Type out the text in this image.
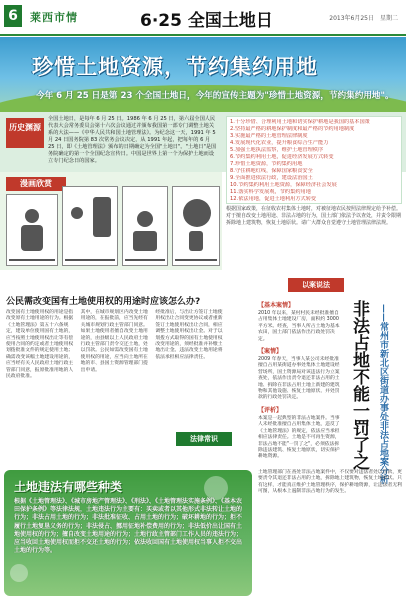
6	莱西市情	6·25 全国土地日	2013年6月25日　星期二
珍惜土地资源，节约集约用地
今年 6 月 25 日是第 23 个全国土地日，今年的宣传主题为"珍惜土地资源，节约集约用地"。
历史渊源
全国土地日，是每年 6 月 25 日。1986 年 6 月 25 日，第六届全国人民代表大会常务委员会第十六次会议通过并颁布我国第一部专门调整土地关系的大法——《中华人民共和国土地管理法》。为纪念这一天，1991 年 5 月 24 日国务院第 83 次常务会议决定，从 1991 年起，把每年的 6 月 25 日，即《土地管理法》颁布的日期确定为全国"土地日"。"土地日"是国务院确定的第一个全国纪念宣传日。中国是世界上第一个为保护土地而设立专门纪念日的国家。
1.十分珍惜、合理利用土地和切实保护耕地是我国的基本国策
2.坚持最严格的耕地保护制度和最严格的节约用地制度
3.实施最严格的土地管理法律制度
4.发展现代化农业，提升粮食综合生产能力
5.加强土地执法监察，维护土地管理秩序
6.节约集约利用土地，促进经济发展方式转变
7.珍惜土地资源，节约集约用地
8.守住耕地红线，保障国家粮食安全
9.全面推进依法行政，建设法治国土
10.节约集约利用土地资源，保障经济社会发展
11.落实科学发展观，节约集约用地
12.依法用地，促进土地利用方式转变
漫画欣赏
根据国家政策，在征收农村集体土地时，对被征地农民按照法律规定给予补偿。对于擅自改变土地用途、非法占地的行为，国土部门依法予以查处，并责令限期拆除地上建筑物，恢复土地原状。请广大群众自觉遵守土地管理法律法规。
以案说法
公民需改变国有土地使用权的用途时应该怎么办?
改变国有土地使用权的用途是指改变原有土地用途的行为。根据《土地管理法》第五十六条规定，建设单位使用国有土地的，应当按照土地使用权出让等有偿使用合同的约定或者土地使用权划拨批准文件的规定使用土地；确需改变该幅土地建设用途的，应当经有关人民政府土地行政主管部门同意，报原批准用地的人民政府批准。
其中，在城市规划区内改变土地用途的，在报批前，应当先经有关城市规划行政主管部门同意。如果土地使用者擅自改变土地用途的，由县级以上人民政府土地行政主管部门责令交还土地，处以罚款。公民如需改变国有土地使用权的用途，应当向土地所在地的市、县国土资源管理部门提出申请。
经批准后，与出让方签订土地使用权出让合同变更协议或者重新签订土地使用权出让合同，相应调整土地使用权出让金。对于以划拨方式取得的国有土地使用权改变用途的，须经批准并补缴土地出让金。违法改变土地用途将依法承担相应法律责任。
法律常识
【基本案情】
2010 年以来，某村村民未经批准擅自占用集体土地建设厂房，面积约 3000 平方米。经查，当事人所占土地为基本农田，国土部门依法作出行政处罚决定。
【案情】
2009 年春天，当事人某公司未经批准擅自占用某街道办事处集体土地建设经营场所，国土资源局对该违法行为立案查处，依法作出责令退还非法占用的土地、拆除在非法占用土地上新建的建筑物和其他设施、恢复土地原状、并处罚款的行政处罚决定。
【评析】
本案是一起典型的非法占地案件。当事人未经批准擅自占用集体土地，违反了《土地管理法》的规定，依法应当承担相应法律责任。土地是不可再生资源，非法占地不能"一罚了之"，必须依法拆除违法建筑、恢复土地原状，切实保护耕地资源。	非法占地不能一罚了之 ——常州市新北区街道办事处非法占地案分析
土地管理部门在查处非法占地案件中，不仅要对违法者处以罚款，更要责令其退还非法占用的土地，拆除地上建筑物，恢复土地原状。只有这样，才能真正维护土地管理秩序，保护耕地资源，让违法者无利可图，从根本上遏制非法占地行为的发生。
土地违法有哪些种类
根据《土地管理法》、《城市房地产管理法》、《刑法》、《土地管理法实施条例》、《基本农田保护条例》等法律法规，土地违法行为主要有：买卖或者以其他形式非法转让土地的行为；非法占用土地的行为；非法批准征收、占用土地的行为；破坏耕地的行为；拒不履行土地复垦义务的行为；非法侵占、挪用征地补偿费用的行为；非法低价出让国有土地使用权的行为；擅自改变土地用途的行为；土地行政主管部门工作人员的违法行为；应当收回土地使用权而拒不交还土地的行为；依法收回国有土地使用权当事人拒不交出土地的行为等。
